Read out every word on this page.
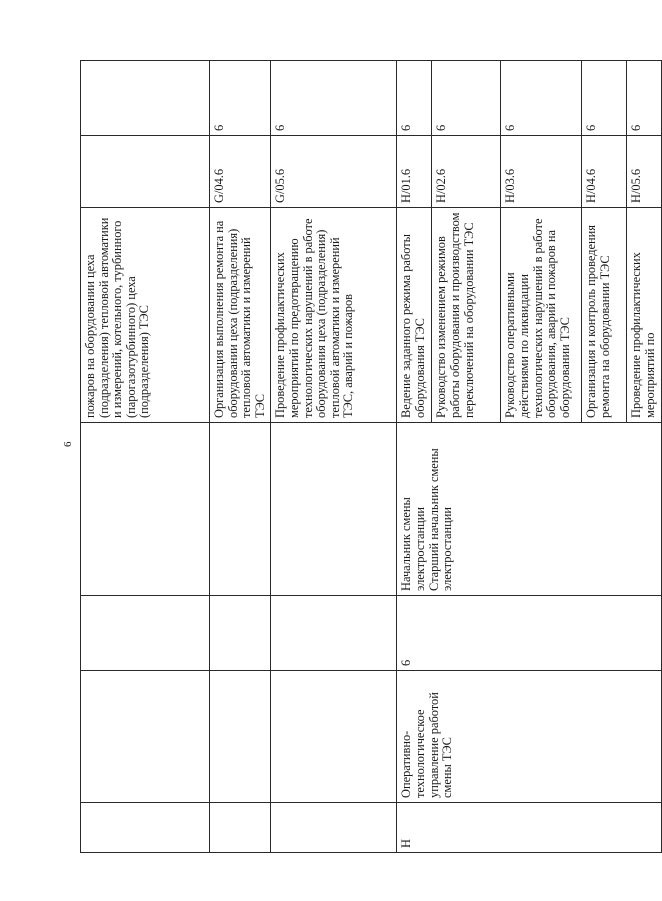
6
				пожаров на оборудовании цеха (подразделения) тепловой автоматики и измерений, котельного, турбинного (парогазотурбинного) цеха (подразделения) ТЭС		
				Организация выполнения ремонта на оборудовании цеха (подразделения) тепловой автоматики и измерений ТЭС	G/04.6	6
				Проведение профилактических мероприятий по предотвращению технологических нарушений в работе оборудования цеха (подразделения) тепловой автоматики и измерений ТЭС, аварий и пожаров	G/05.6	6
H	Оперативно-технологическое управление работой смены ТЭС	6	Начальник смены электростанции Старший начальник смены электростанции	Ведение заданного режима работы оборудования ТЭС	H/01.6	6
				Руководство изменением режимов работы оборудования и производством переключений на оборудовании ТЭС	H/02.6	6
				Руководство оперативными действиями по ликвидации технологических нарушений в работе оборудования, аварий и пожаров на оборудовании ТЭС	H/03.6	6
				Организация и контроль проведения ремонта на оборудовании ТЭС	H/04.6	6
				Проведение профилактических мероприятий по	H/05.6	6
